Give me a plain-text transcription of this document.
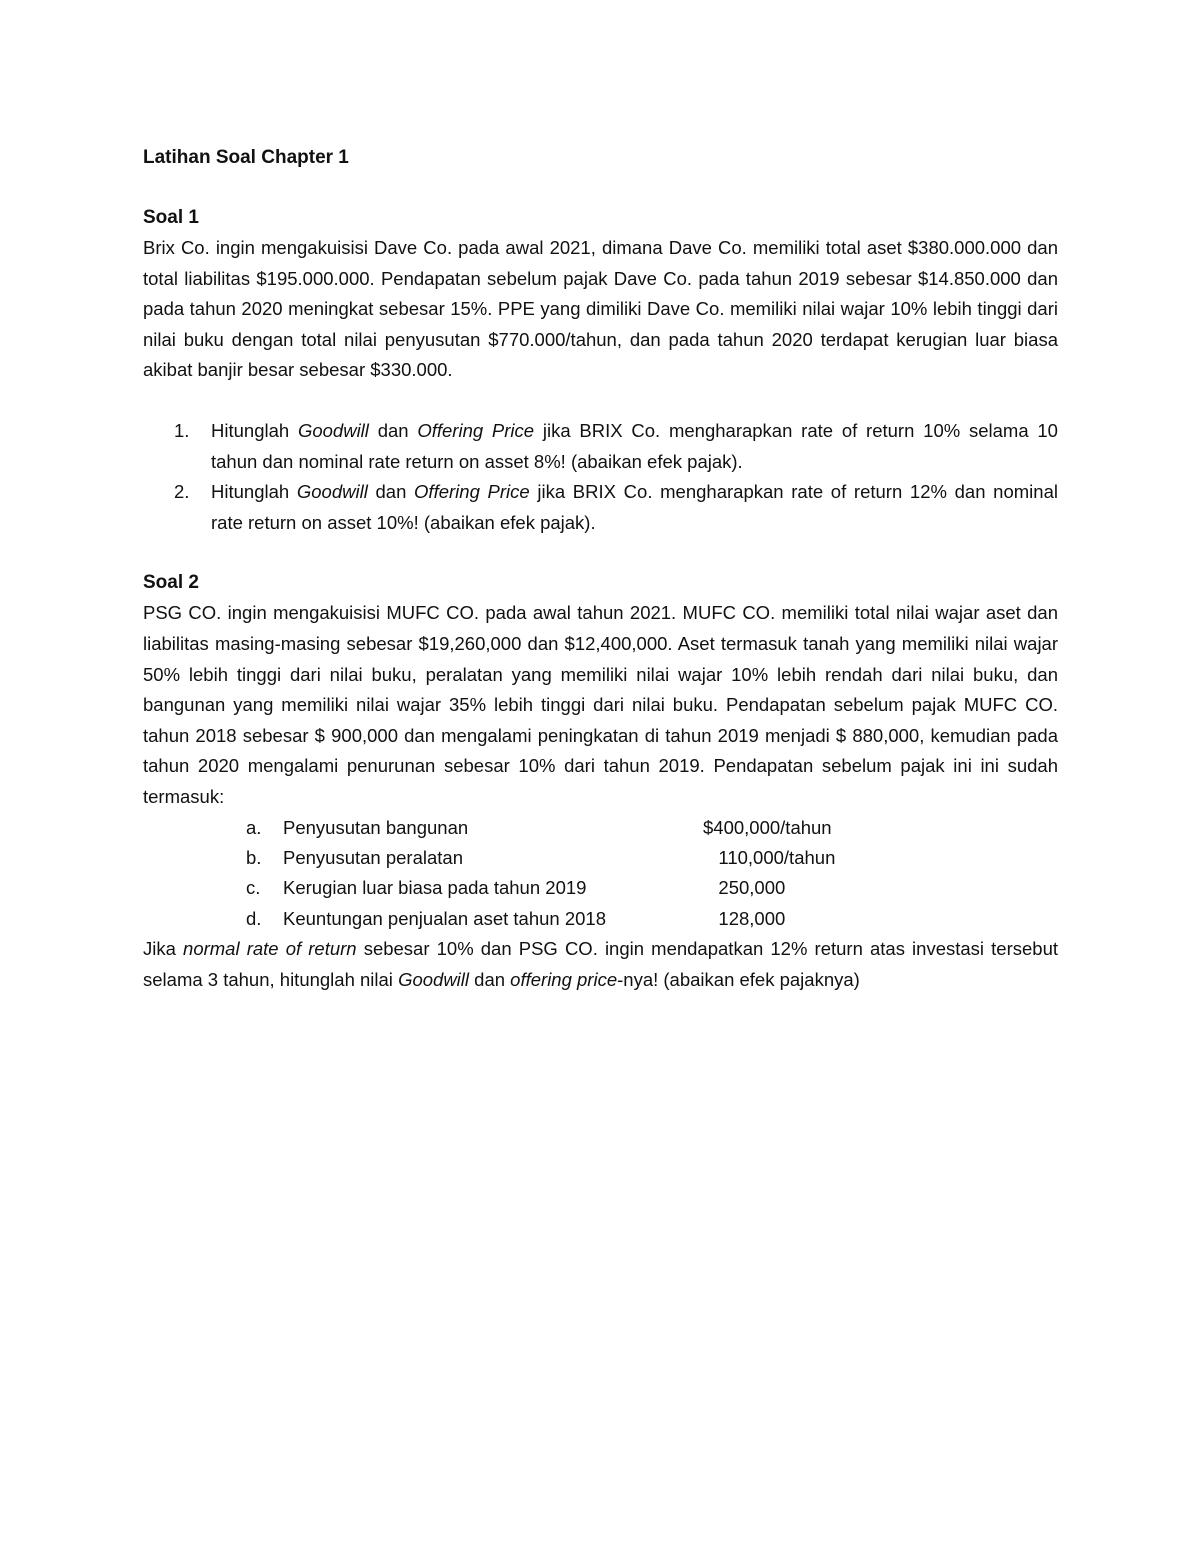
Latihan Soal Chapter 1
Soal 1

Brix Co. ingin mengakuisisi Dave Co. pada awal 2021, dimana Dave Co. memiliki total aset $380.000.000 dan total liabilitas $195.000.000. Pendapatan sebelum pajak Dave Co. pada tahun 2019 sebesar $14.850.000 dan pada tahun 2020 meningkat sebesar 15%. PPE yang dimiliki Dave Co. memiliki nilai wajar 10% lebih tinggi dari nilai buku dengan total nilai penyusutan $770.000/tahun, dan pada tahun 2020 terdapat kerugian luar biasa akibat banjir besar sebesar $330.000.

1. Hitunglah Goodwill dan Offering Price jika BRIX Co. mengharapkan rate of return 10% selama 10 tahun dan nominal rate return on asset 8%! (abaikan efek pajak).
2. Hitunglah Goodwill dan Offering Price jika BRIX Co. mengharapkan rate of return 12% dan nominal rate return on asset 10%! (abaikan efek pajak).
Soal 2

PSG CO. ingin mengakuisisi MUFC CO. pada awal tahun 2021. MUFC CO. memiliki total nilai wajar aset dan liabilitas masing-masing sebesar $19,260,000 dan $12,400,000. Aset termasuk tanah yang memiliki nilai wajar 50% lebih tinggi dari nilai buku, peralatan yang memiliki nilai wajar 10% lebih rendah dari nilai buku, dan bangunan yang memiliki nilai wajar 35% lebih tinggi dari nilai buku. Pendapatan sebelum pajak MUFC CO. tahun 2018 sebesar $ 900,000 dan mengalami peningkatan di tahun 2019 menjadi $ 880,000, kemudian pada tahun 2020 mengalami penurunan sebesar 10% dari tahun 2019. Pendapatan sebelum pajak ini ini sudah termasuk:

a. Penyusutan bangunan	$400,000/tahun
b. Penyusutan peralatan	110,000/tahun
c. Kerugian luar biasa pada tahun 2019	250,000
d. Keuntungan penjualan aset tahun 2018	128,000

Jika normal rate of return sebesar 10% dan PSG CO. ingin mendapatkan 12% return atas investasi tersebut selama 3 tahun, hitunglah nilai Goodwill dan offering price-nya! (abaikan efek pajaknya)
